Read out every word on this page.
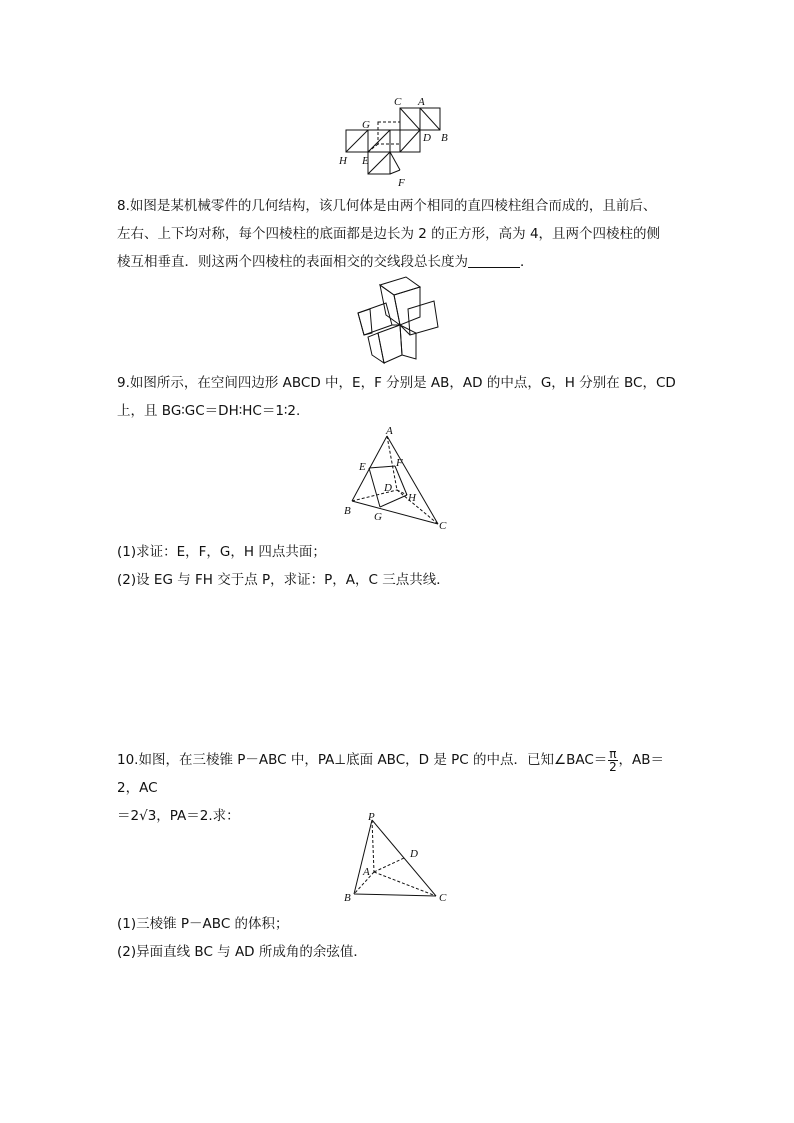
C A
G
D B
H E
F
8.如图是某机械零件的几何结构，该几何体是由两个相同的直四棱柱组合而成的，且前后、
左右、上下均对称，每个四棱柱的底面都是边长为 2 的正方形，高为 4，且两个四棱柱的侧
棱互相垂直．则这两个四棱柱的表面相交的交线段总长度为	．
9.如图所示，在空间四边形 ABCD 中，E，F 分别是 AB，AD 的中点，G，H 分别在 BC，CD
上，且 BG∶GC＝DH∶HC＝1∶2.
A
E	F
D
H
B G
C
(1)求证：E，F，G，H 四点共面；
(2)设 EG 与 FH 交于点 P，求证：P，A，C 三点共线．
10.如图，在三棱锥 P－ABC 中，PA⊥底面 ABC，D 是 PC 的中点．已知∠BAC＝ $\frac{\pi}{2}$ ，AB＝2，AC
＝2√3，PA＝2.求：	P
D
A
B	C
(1)三棱锥 P－ABC 的体积；
(2)异面直线 BC 与 AD 所成角的余弦值．
